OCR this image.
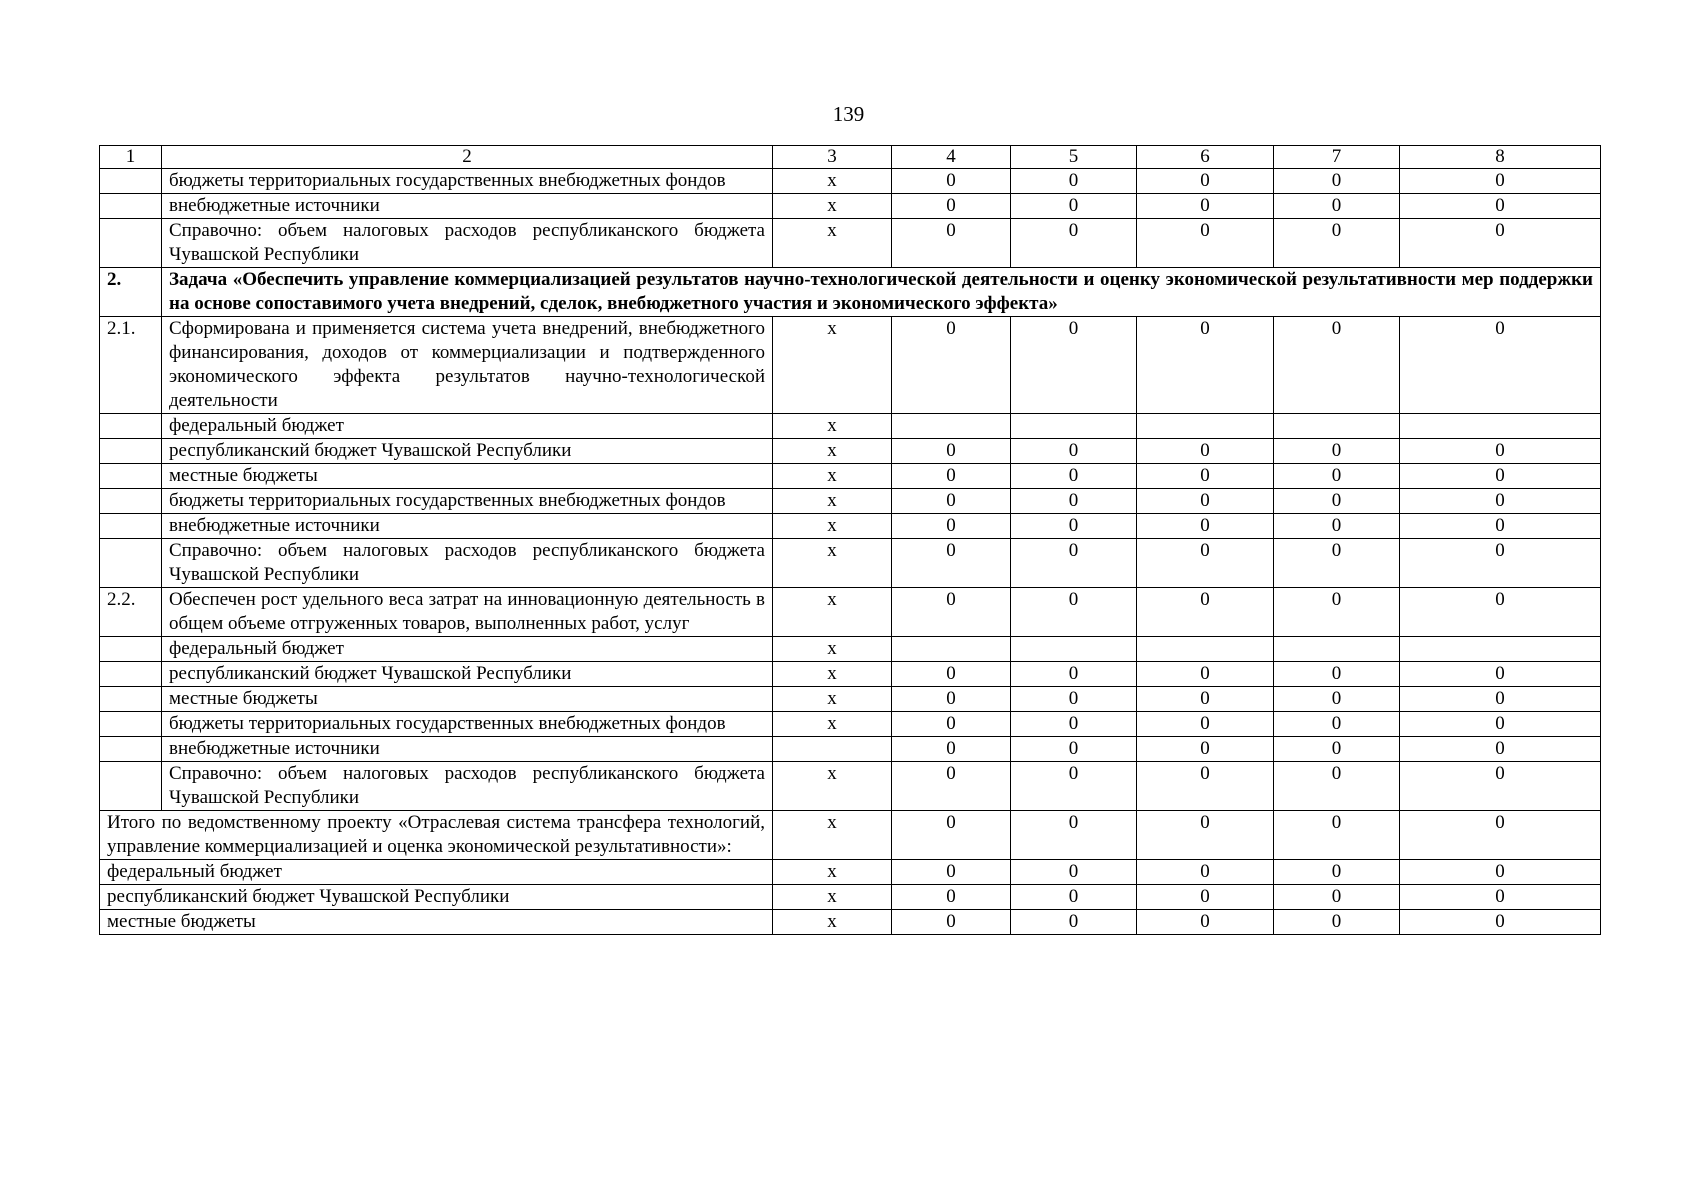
139
1	2	3	4	5	6	7	8
	бюджеты территориальных государственных внебюджетных фондов	x	0	0	0	0	0
	внебюджетные источники	x	0	0	0	0	0
	Справочно: объем налоговых расходов республиканского бюджета Чувашской Республики	x	0	0	0	0	0
2.	Задача «Обеспечить управление коммерциализацией результатов научно-технологической деятельности и оценку экономической результативности мер поддержки на основе сопоставимого учета внедрений, сделок, внебюджетного участия и экономического эффекта»						
2.1.	Сформирована и применяется система учета внедрений, внебюджетного финансирования, доходов от коммерциализации и подтвержденного экономического эффекта результатов научно-технологической деятельности	x	0	0	0	0	0
	федеральный бюджет	x					
	республиканский бюджет Чувашской Республики	x	0	0	0	0	0
	местные бюджеты	x	0	0	0	0	0
	бюджеты территориальных государственных внебюджетных фондов	x	0	0	0	0	0
	внебюджетные источники	x	0	0	0	0	0
	Справочно: объем налоговых расходов республиканского бюджета Чувашской Республики	x	0	0	0	0	0
2.2.	Обеспечен рост удельного веса затрат на инновационную деятельность в общем объеме отгруженных товаров, выполненных работ, услуг	x	0	0	0	0	0
	федеральный бюджет	x					
	республиканский бюджет Чувашской Республики	x	0	0	0	0	0
	местные бюджеты	x	0	0	0	0	0
	бюджеты территориальных государственных внебюджетных фондов	x	0	0	0	0	0
	внебюджетные источники		0	0	0	0	0
	Справочно: объем налоговых расходов республиканского бюджета Чувашской Республики	x	0	0	0	0	0
Итого по ведомственному проекту «Отраслевая система трансфера технологий, управление коммерциализацией и оценка экономической результативности»:		x	0	0	0	0	0
федеральный бюджет		x	0	0	0	0	0
республиканский бюджет Чувашской Республики		x	0	0	0	0	0
местные бюджеты		x	0	0	0	0	0
